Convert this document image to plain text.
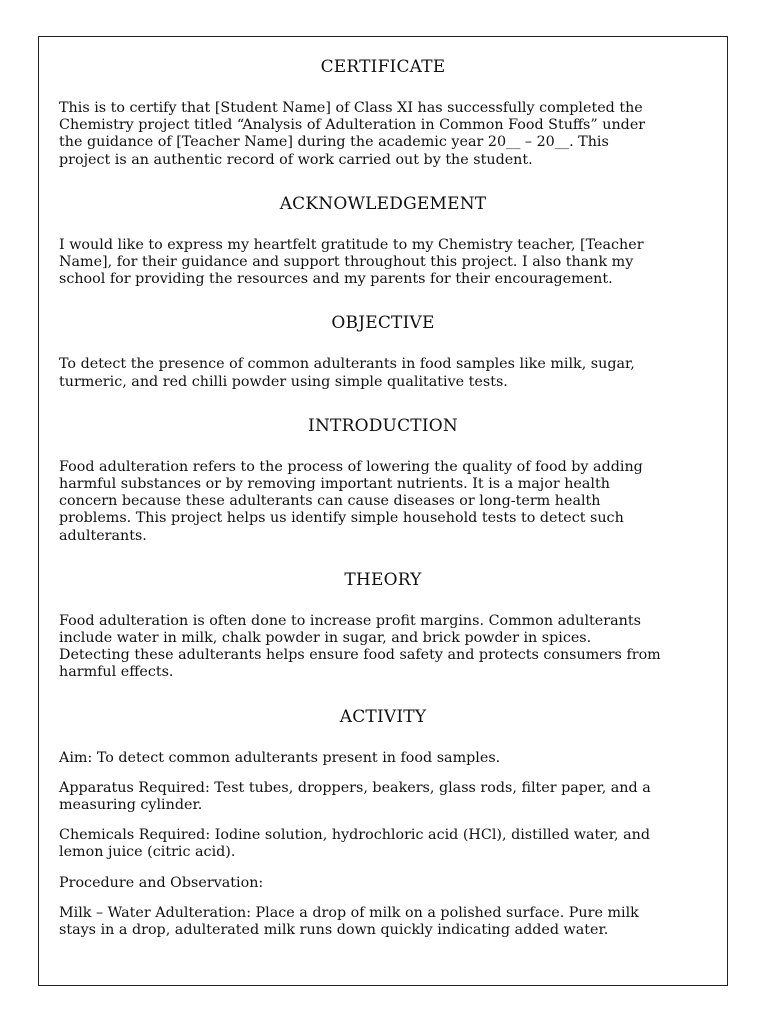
CERTIFICATE

This is to certify that [Student Name] of Class XI has successfully completed the
Chemistry project titled “Analysis of Adulteration in Common Food Stuffs” under
the guidance of [Teacher Name] during the academic year 20__ – 20__. This
project is an authentic record of work carried out by the student.

ACKNOWLEDGEMENT

I would like to express my heartfelt gratitude to my Chemistry teacher, [Teacher
Name], for their guidance and support throughout this project. I also thank my
school for providing the resources and my parents for their encouragement.

OBJECTIVE

To detect the presence of common adulterants in food samples like milk, sugar,
turmeric, and red chilli powder using simple qualitative tests.

INTRODUCTION

Food adulteration refers to the process of lowering the quality of food by adding
harmful substances or by removing important nutrients. It is a major health
concern because these adulterants can cause diseases or long-term health
problems. This project helps us identify simple household tests to detect such
adulterants.

THEORY

Food adulteration is often done to increase profit margins. Common adulterants
include water in milk, chalk powder in sugar, and brick powder in spices.
Detecting these adulterants helps ensure food safety and protects consumers from
harmful effects.

ACTIVITY

Aim: To detect common adulterants present in food samples.

Apparatus Required: Test tubes, droppers, beakers, glass rods, filter paper, and a
measuring cylinder.

Chemicals Required: Iodine solution, hydrochloric acid (HCl), distilled water, and
lemon juice (citric acid).

Procedure and Observation:

Milk – Water Adulteration: Place a drop of milk on a polished surface. Pure milk
stays in a drop, adulterated milk runs down quickly indicating added water.
